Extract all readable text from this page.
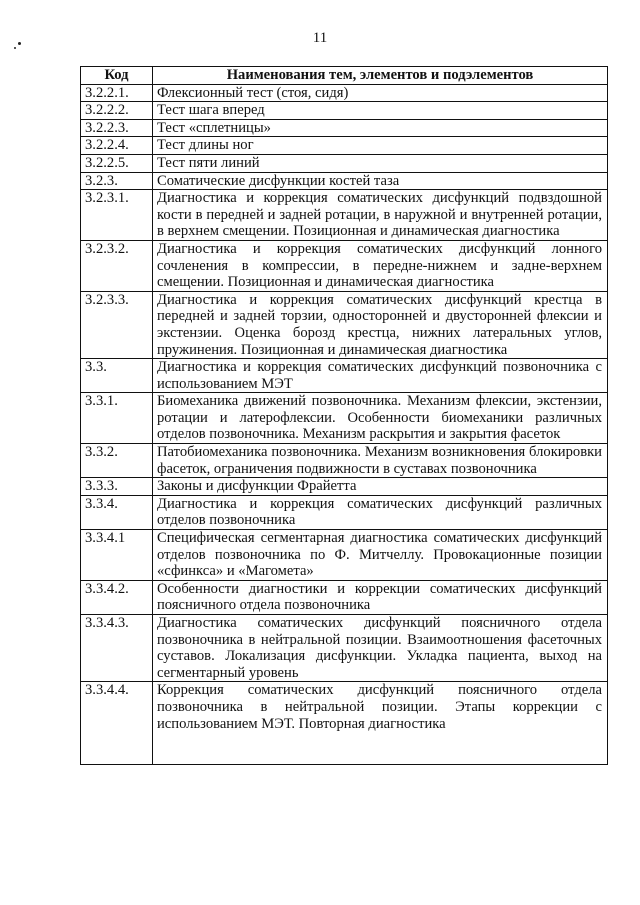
11
Код	Наименования тем, элементов и подэлементов
3.2.2.1.	Флексионный тест (стоя, сидя)
3.2.2.2.	Тест шага вперед
3.2.2.3.	Тест «сплетницы»
3.2.2.4.	Тест длины ног
3.2.2.5.	Тест пяти линий
3.2.3.	Соматические дисфункции костей таза
3.2.3.1.	Диагностика и коррекция соматических дисфункций подвздошной кости в передней и задней ротации, в наружной и внутренней ротации, в верхнем смещении. Позиционная и динамическая диагностика
3.2.3.2.	Диагностика и коррекция соматических дисфункций лонного сочленения в компрессии, в передне-нижнем и задне-верхнем смещении. Позиционная и динамическая диагностика
3.2.3.3.	Диагностика и коррекция соматических дисфункций крестца в передней и задней торзии, односторонней и двусторонней флексии и экстензии. Оценка борозд крестца, нижних латеральных углов, пружинения. Позиционная и динамическая диагностика
3.3.	Диагностика и коррекция соматических дисфункций позвоночника с использованием МЭТ
3.3.1.	Биомеханика движений позвоночника. Механизм флексии, экстензии, ротации и латерофлексии. Особенности биомеханики различных отделов позвоночника. Механизм раскрытия и закрытия фасеток
3.3.2.	Патобиомеханика позвоночника. Механизм возникновения блокировки фасеток, ограничения подвижности в суставах позвоночника
3.3.3.	Законы и дисфункции Фрайетта
3.3.4.	Диагностика и коррекция соматических дисфункций различных отделов позвоночника
3.3.4.1	Специфическая сегментарная диагностика соматических дисфункций отделов позвоночника по Ф. Митчеллу. Провокационные позиции «сфинкса» и «Магомета»
3.3.4.2.	Особенности диагностики и коррекции соматических дисфункций поясничного отдела позвоночника
3.3.4.3.	Диагностика соматических дисфункций поясничного отдела позвоночника в нейтральной позиции. Взаимоотношения фасеточных суставов. Локализация дисфункции. Укладка пациента, выход на сегментарный уровень
3.3.4.4.	Коррекция соматических дисфункций поясничного отдела позвоночника в нейтральной позиции. Этапы коррекции с использованием МЭТ. Повторная диагностика
